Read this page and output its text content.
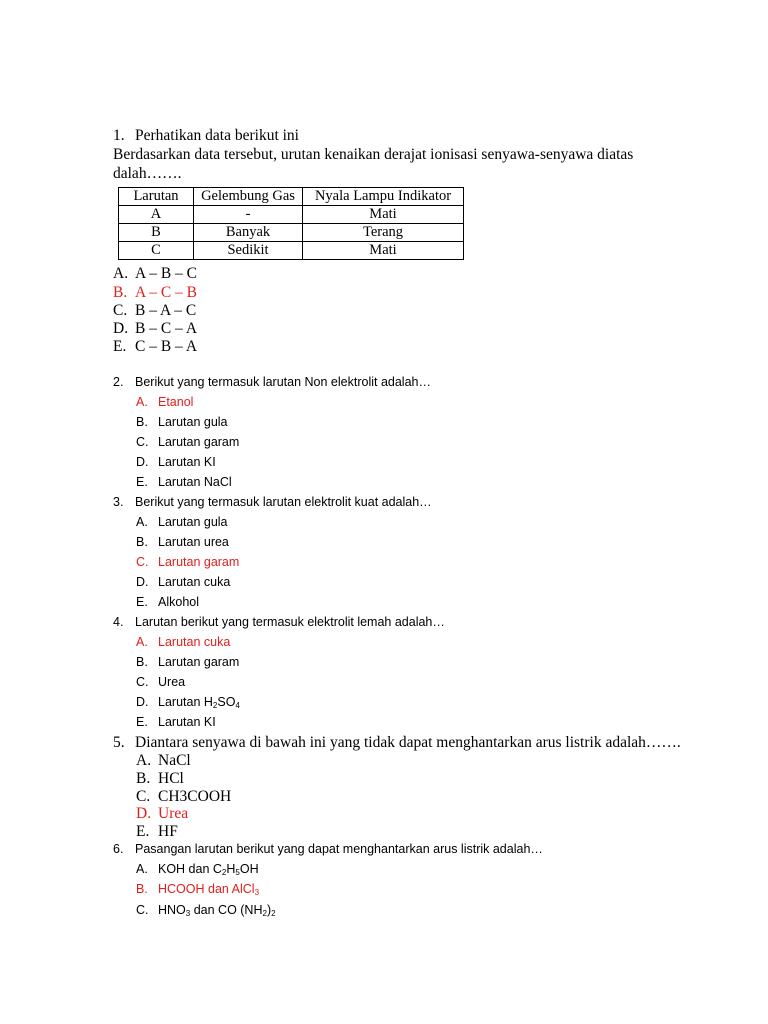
1. Perhatikan data berikut ini
Berdasarkan data tersebut, urutan kenaikan derajat ionisasi senyawa-senyawa diatas
dalah…….
Larutan	Gelembung Gas	Nyala Lampu Indikator
A	-	Mati
B	Banyak	Terang
C	Sedikit	Mati
A. A – B – C
B. A – C – B
C. B – A – C
D. B – C – A
E. C – B – A
2. Berikut yang termasuk larutan Non elektrolit adalah…
A. Etanol
B. Larutan gula
C. Larutan garam
D. Larutan KI
E. Larutan NaCl
3. Berikut yang termasuk larutan elektrolit kuat adalah…
A. Larutan gula
B. Larutan urea
C. Larutan garam
D. Larutan cuka
E. Alkohol
4. Larutan berikut yang termasuk elektrolit lemah adalah…
A. Larutan cuka
B. Larutan garam
C. Urea
D. Larutan $H_2SO_4$
E. Larutan KI
5. Diantara senyawa di bawah ini yang tidak dapat menghantarkan arus listrik adalah…….
A. NaCl
B. HCl
C. CH3COOH
D. Urea
E. HF
6. Pasangan larutan berikut yang dapat menghantarkan arus listrik adalah…
A. KOH dan $C_2H_5OH$
B. HCOOH dan AlCl$_3$
C. $HNO_3$ dan CO $(NH_2)_2$
